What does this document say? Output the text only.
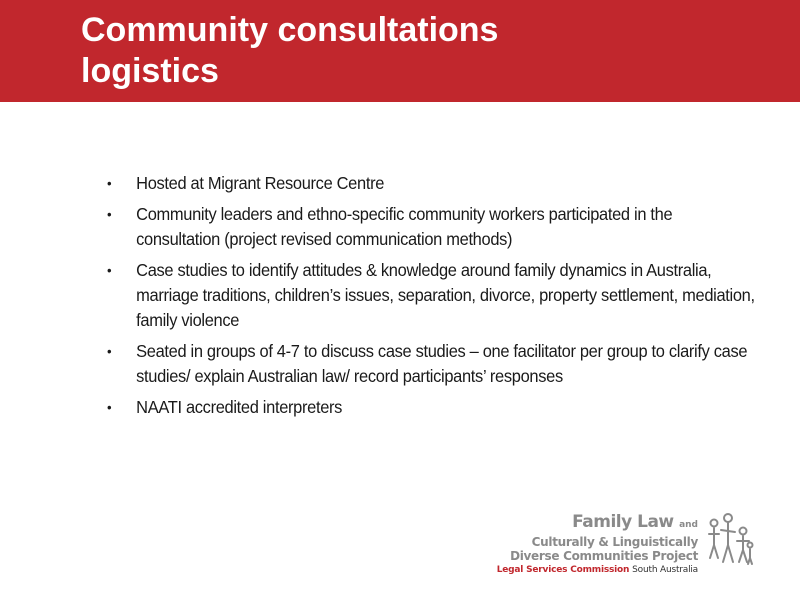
Community consultations
logistics
• Hosted at Migrant Resource Centre
• Community leaders and ethno-specific community workers participated in the consultation (project revised communication methods)
• Case studies to identify attitudes & knowledge around family dynamics in Australia, marriage traditions, children’s issues, separation, divorce, property settlement, mediation, family violence
• Seated in groups of 4-7 to discuss case studies – one facilitator per group to clarify case studies/ explain Australian law/ record participants’ responses
• NAATI accredited interpreters
Family Law and
Culturally & Linguistically
Diverse Communities Project
Legal Services Commission South Australia
